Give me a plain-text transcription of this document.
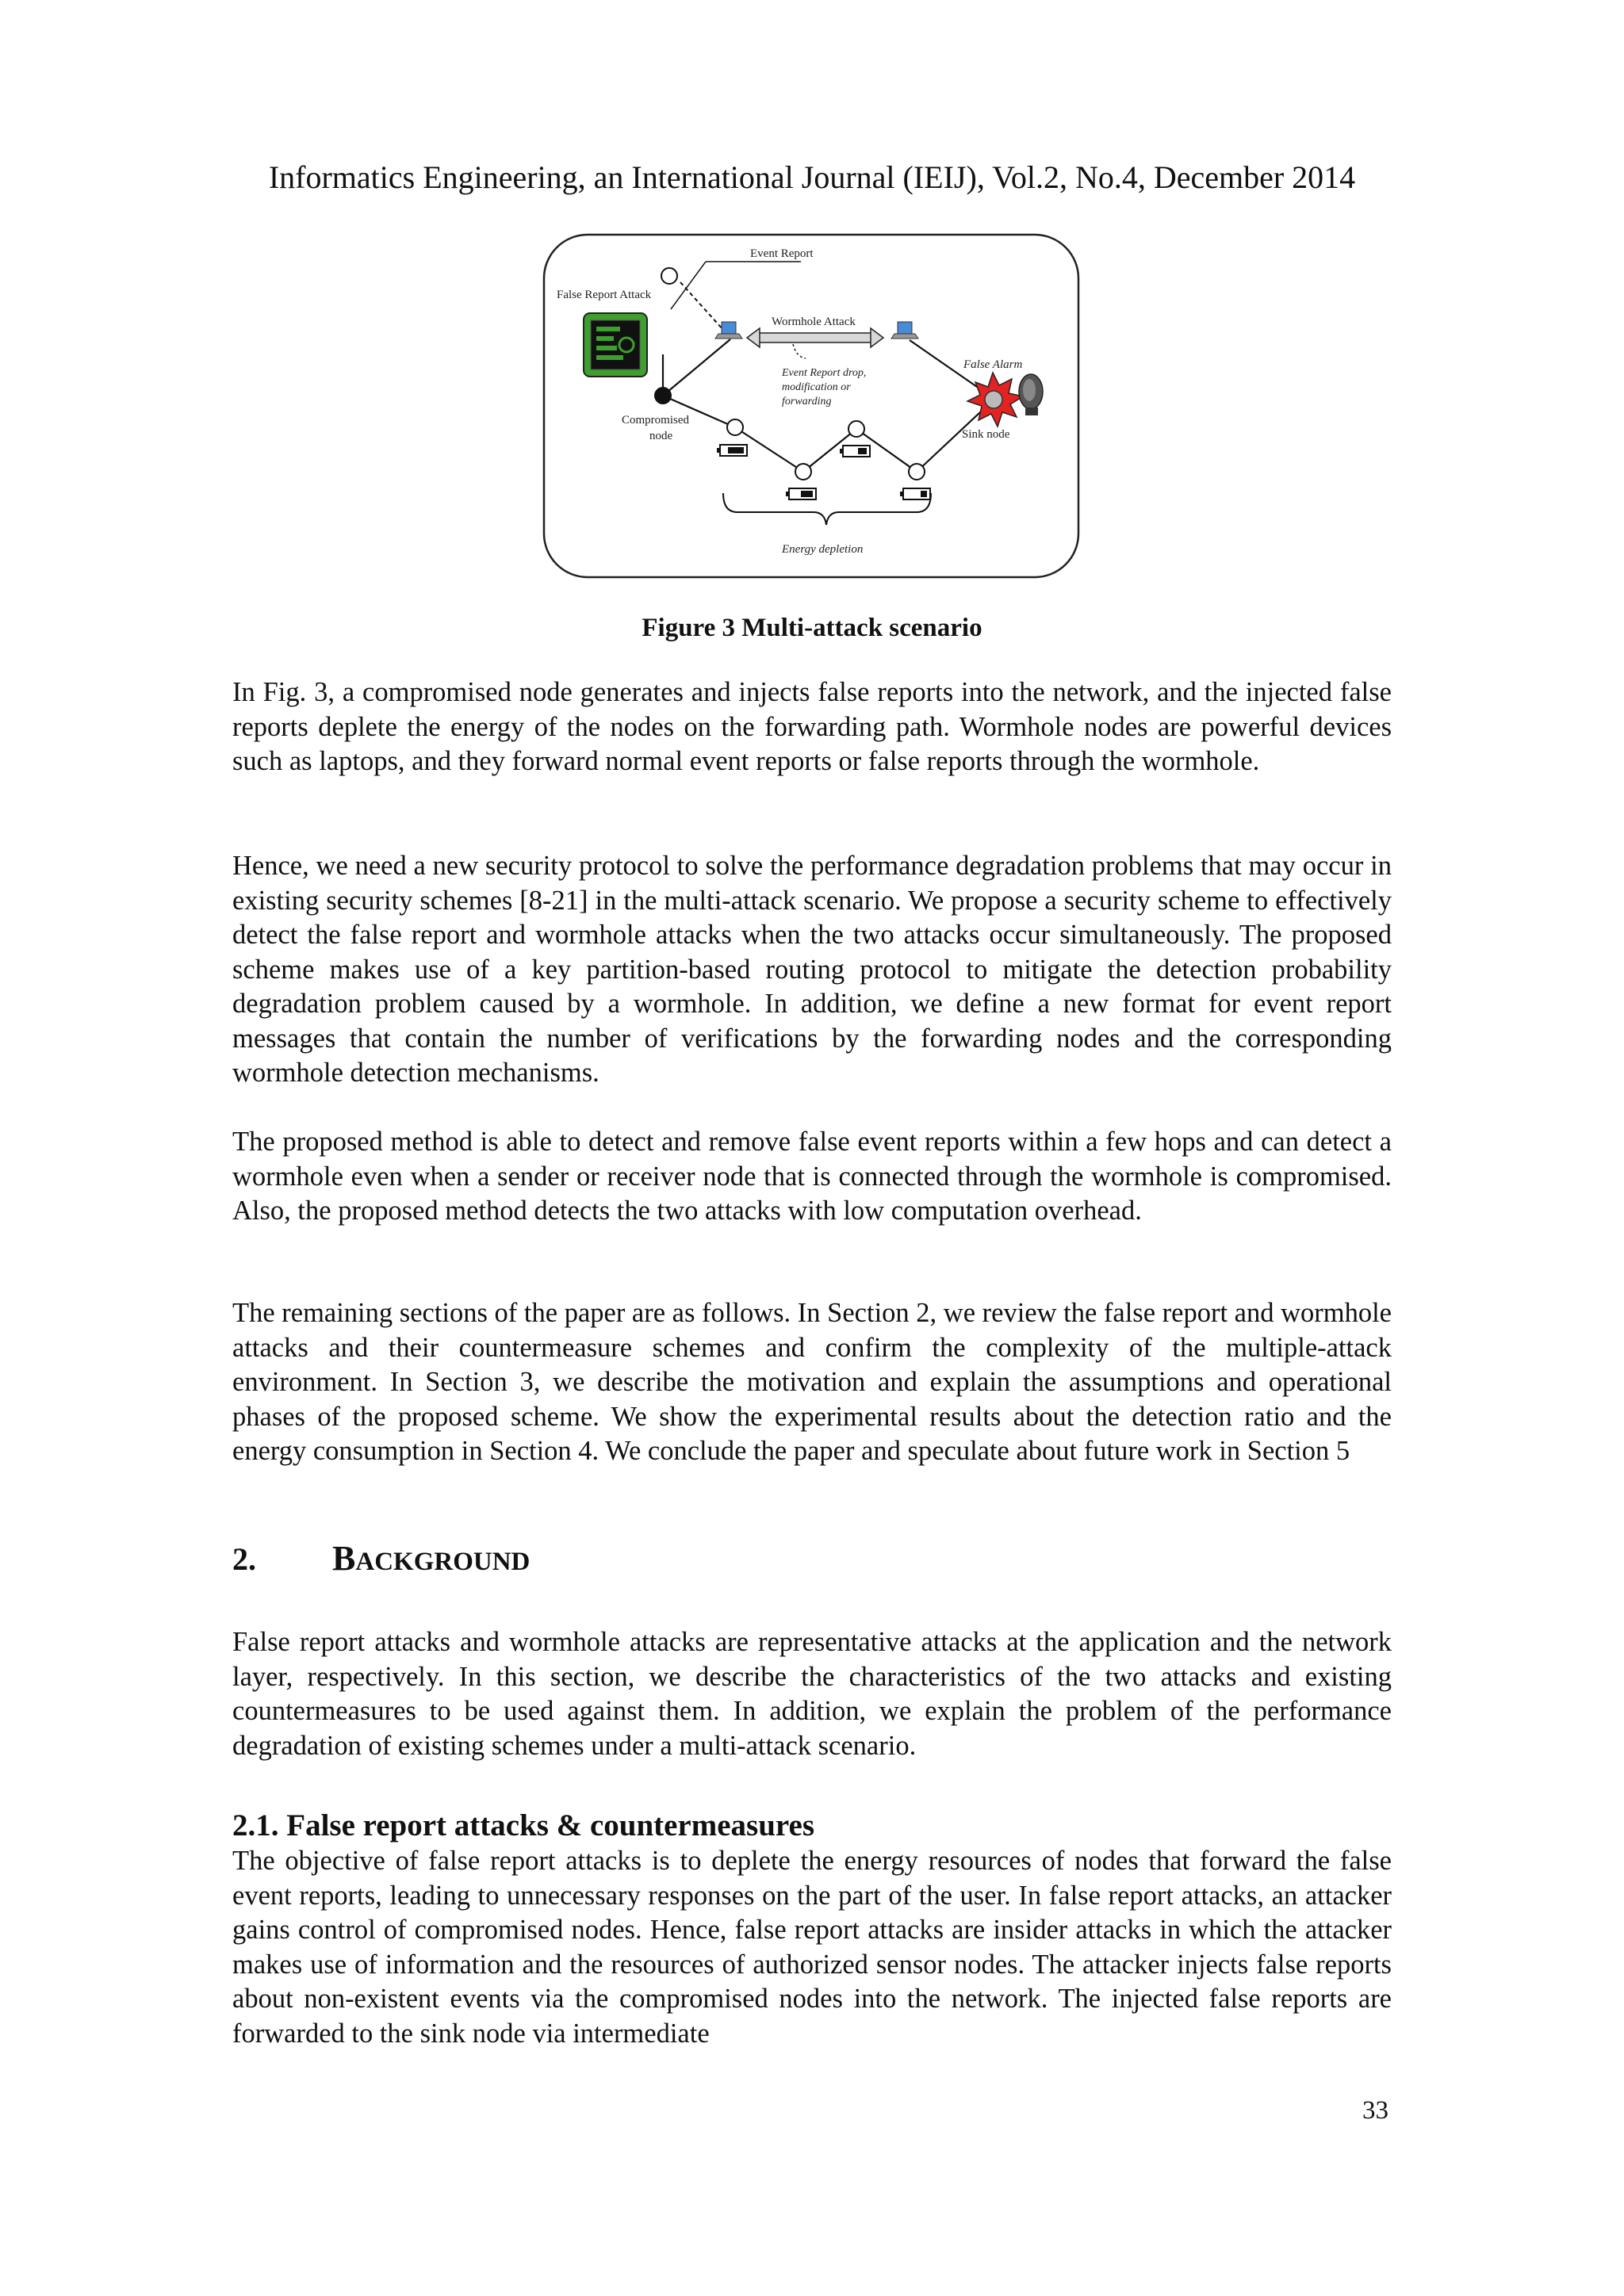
Informatics Engineering, an International Journal (IEIJ), Vol.2, No.4, December 2014
Event Report
False Report Attack
Wormhole Attack
False Alarm
Event Report drop,
modification or
forwarding
Compromised
node	Sink node
Energy depletion
Figure 3 Multi-attack scenario

In Fig. 3, a compromised node generates and injects false reports into the network, and the injected false reports deplete the energy of the nodes on the forwarding path. Wormhole nodes are powerful devices such as laptops, and they forward normal event reports or false reports through the wormhole.

Hence, we need a new security protocol to solve the performance degradation problems that may occur in existing security schemes [8-21] in the multi-attack scenario. We propose a security scheme to effectively detect the false report and wormhole attacks when the two attacks occur simultaneously. The proposed scheme makes use of a key partition-based routing protocol to mitigate the detection probability degradation problem caused by a wormhole. In addition, we define a new format for event report messages that contain the number of verifications by the forwarding nodes and the corresponding wormhole detection mechanisms.

The proposed method is able to detect and remove false event reports within a few hops and can detect a wormhole even when a sender or receiver node that is connected through the wormhole is compromised. Also, the proposed method detects the two attacks with low computation overhead.

The remaining sections of the paper are as follows. In Section 2, we review the false report and wormhole attacks and their countermeasure schemes and confirm the complexity of the multiple-attack environment. In Section 3, we describe the motivation and explain the assumptions and operational phases of the proposed scheme. We show the experimental results about the detection ratio and the energy consumption in Section 4. We conclude the paper and speculate about future work in Section 5

2. BACKGROUND

False report attacks and wormhole attacks are representative attacks at the application and the network layer, respectively. In this section, we describe the characteristics of the two attacks and existing countermeasures to be used against them. In addition, we explain the problem of the performance degradation of existing schemes under a multi-attack scenario.

2.1. False report attacks & countermeasures

The objective of false report attacks is to deplete the energy resources of nodes that forward the false event reports, leading to unnecessary responses on the part of the user. In false report attacks, an attacker gains control of compromised nodes. Hence, false report attacks are insider attacks in which the attacker makes use of information and the resources of authorized sensor nodes. The attacker injects false reports about non-existent events via the compromised nodes into the network. The injected false reports are forwarded to the sink node via intermediate

33
